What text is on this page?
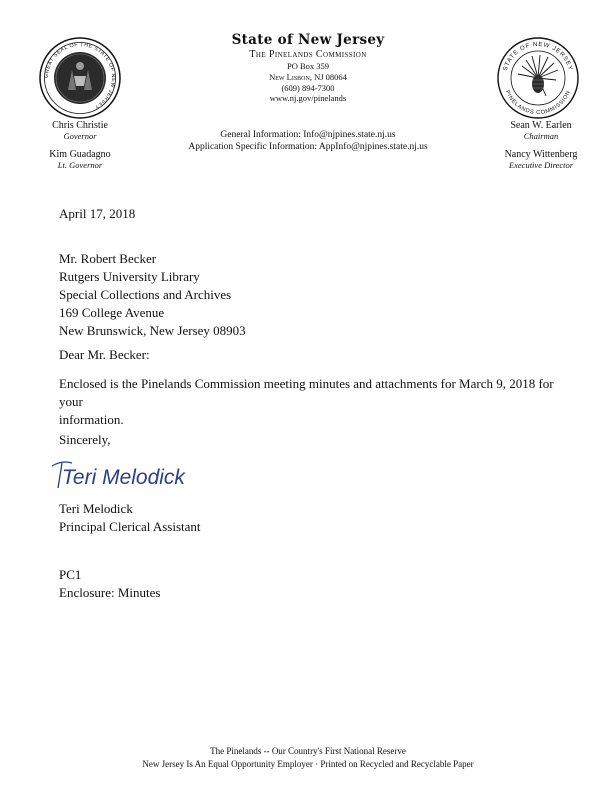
GREAT SEAL OF THE STATE OF NEW JERSEY
STATE OF NEW JERSEY
PINELANDS COMMISSION
State of New Jersey
The Pinelands Commission
PO Box 359
New Lisbon, NJ 08064
(609) 894-7300
www.nj.gov/pinelands
General Information: Info@njpines.state.nj.us
Application Specific Information: AppInfo@njpines.state.nj.us
Chris Christie
Governor
Kim Guadagno
Lt. Governor
Sean W. Earlen
Chairman
Nancy Wittenberg
Executive Director
April 17, 2018
Mr. Robert Becker
Rutgers University Library
Special Collections and Archives
169 College Avenue
New Brunswick, New Jersey 08903
Dear Mr. Becker:
Enclosed is the Pinelands Commission meeting minutes and attachments for March 9, 2018 for your
information.
Sincerely,
Teri Melodick
Teri Melodick
Principal Clerical Assistant
PC1
Enclosure: Minutes
The Pinelands -- Our Country's First National Reserve
New Jersey Is An Equal Opportunity Employer · Printed on Recycled and Recyclable Paper
